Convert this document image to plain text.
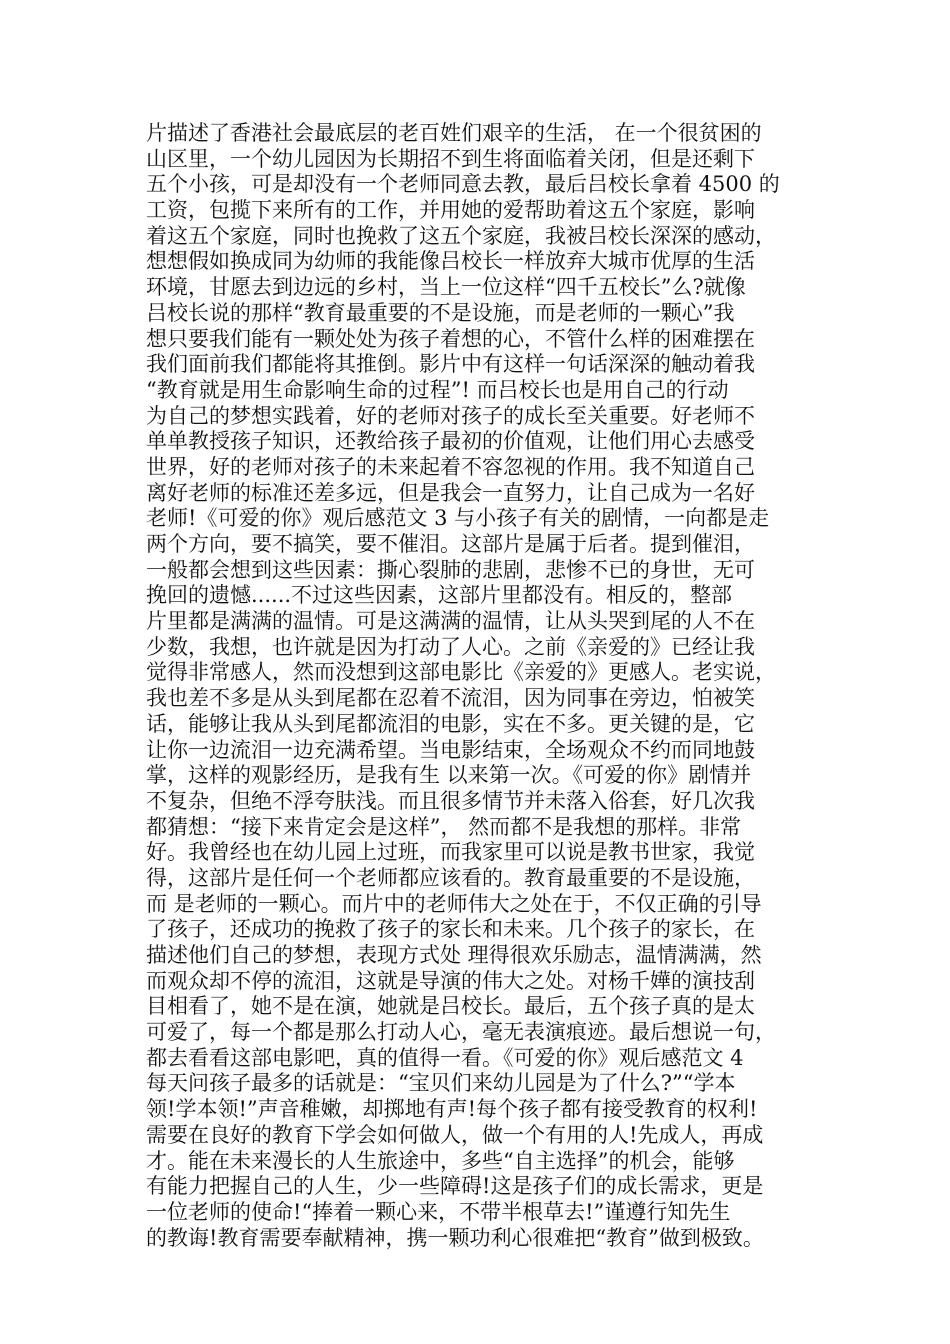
片描述了香港社会最底层的老百姓们艰辛的生活， 在一个很贫困的
山区里，一个幼儿园因为长期招不到生将面临着关闭，但是还剩下
五个小孩，可是却没有一个老师同意去教，最后吕校长拿着 4500 的
工资，包揽下来所有的工作，并用她的爱帮助着这五个家庭，影响
着这五个家庭，同时也挽救了这五个家庭，我被吕校长深深的感动，
想想假如换成同为幼师的我能像吕校长一样放弃大城市优厚的生活
环境，甘愿去到边远的乡村，当上一位这样“四千五校长”么?就像
吕校长说的那样“教育最重要的不是设施，而是老师的一颗心”我
想只要我们能有一颗处处为孩子着想的心，不管什么样的困难摆在
我们面前我们都能将其推倒。影片中有这样一句话深深的触动着我
“教育就是用生命影响生命的过程”! 而吕校长也是用自己的行动
为自己的梦想实践着，好的老师对孩子的成长至关重要。好老师不
单单教授孩子知识，还教给孩子最初的价值观，让他们用心去感受
世界，好的老师对孩子的未来起着不容忽视的作用。我不知道自己
离好老师的标准还差多远，但是我会一直努力，让自己成为一名好
老师!《可爱的你》观后感范文 3 与小孩子有关的剧情，一向都是走
两个方向，要不搞笑，要不催泪。这部片是属于后者。提到催泪，
一般都会想到这些因素：撕心裂肺的悲剧，悲惨不已的身世，无可
挽回的遗憾......不过这些因素，这部片里都没有。相反的，整部
片里都是满满的温情。可是这满满的温情，让从头哭到尾的人不在
少数，我想，也许就是因为打动了人心。之前《亲爱的》已经让我
觉得非常感人，然而没想到这部电影比《亲爱的》更感人。老实说，
我也差不多是从头到尾都在忍着不流泪，因为同事在旁边，怕被笑
话，能够让我从头到尾都流泪的电影，实在不多。更关键的是，它
让你一边流泪一边充满希望。当电影结束，全场观众不约而同地鼓
掌，这样的观影经历，是我有生 以来第一次。《可爱的你》剧情并
不复杂，但绝不浮夸肤浅。而且很多情节并未落入俗套，好几次我
都猜想：“接下来肯定会是这样”， 然而都不是我想的那样。非常
好。我曾经也在幼儿园上过班，而我家里可以说是教书世家，我觉
得，这部片是任何一个老师都应该看的。教育最重要的不是设施，
而 是老师的一颗心。而片中的老师伟大之处在于，不仅正确的引导
了孩子，还成功的挽救了孩子的家长和未来。几个孩子的家长，在
描述他们自己的梦想，表现方式处 理得很欢乐励志，温情满满，然
而观众却不停的流泪，这就是导演的伟大之处。对杨千嬅的演技刮
目相看了，她不是在演，她就是吕校长。最后，五个孩子真的是太
可爱了，每一个都是那么打动人心，毫无表演痕迹。最后想说一句，
都去看看这部电影吧，真的值得一看。《可爱的你》观后感范文 4
每天问孩子最多的话就是：“宝贝们来幼儿园是为了什么?”“学本
领!学本领!”声音稚嫩，却掷地有声!每个孩子都有接受教育的权利!
需要在良好的教育下学会如何做人，做一个有用的人!先成人，再成
才。能在未来漫长的人生旅途中，多些“自主选择”的机会，能够
有能力把握自己的人生，少一些障碍!这是孩子们的成长需求，更是
一位老师的使命!“捧着一颗心来，不带半根草去!”谨遵行知先生
的教诲!教育需要奉献精神，携一颗功利心很难把“教育”做到极致。
